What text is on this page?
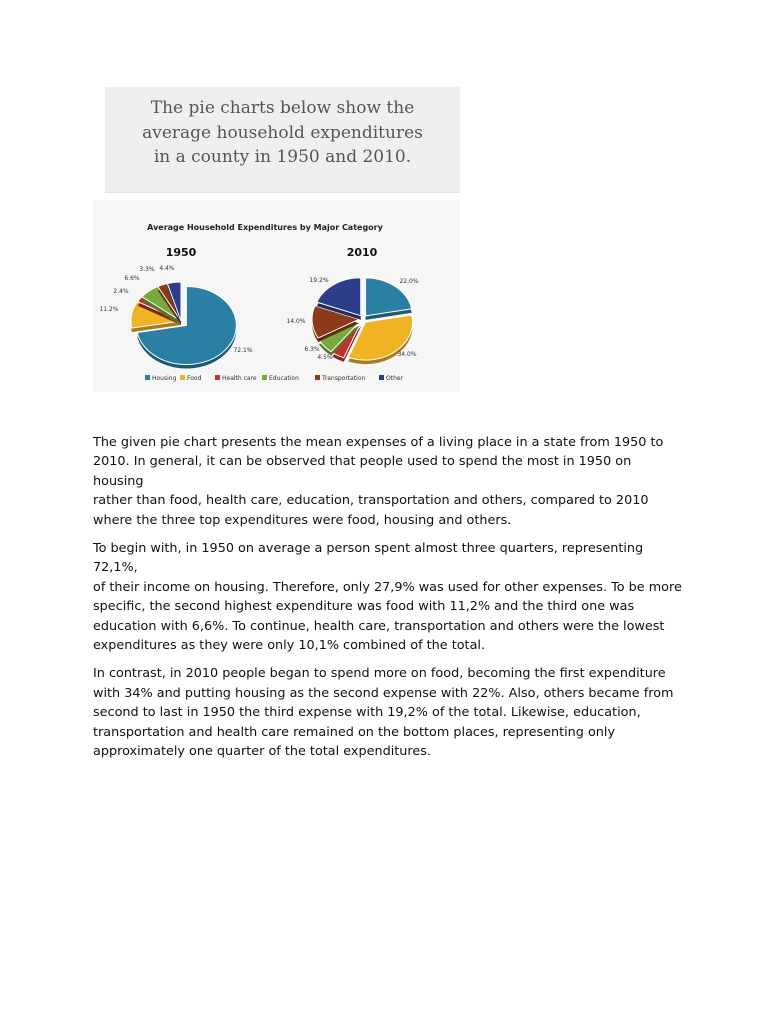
The pie charts below show the
average household expenditures
in a county in 1950 and 2010.
Average Household Expenditures by Major Category
1950	2010
72.1%
11.2%
2.4%
6.6%
3.3% 4.4%
22.0%
34.0%
4.5%
6.3%
14.0%
19.2%
Housing Food	Health care Education	Transportation	Other

The given pie chart presents the mean expenses of a living place in a state from 1950 to
2010. In general, it can be observed that people used to spend the most in 1950 on housing
rather than food, health care, education, transportation and others, compared to 2010
where the three top expenditures were food, housing and others.

To begin with, in 1950 on average a person spent almost three quarters, representing 72,1%,
of their income on housing. Therefore, only 27,9% was used for other expenses. To be more
specific, the second highest expenditure was food with 11,2% and the third one was
education with 6,6%. To continue, health care, transportation and others were the lowest
expenditures as they were only 10,1% combined of the total.

In contrast, in 2010 people began to spend more on food, becoming the first expenditure
with 34% and putting housing as the second expense with 22%. Also, others became from
second to last in 1950 the third expense with 19,2% of the total. Likewise, education,
transportation and health care remained on the bottom places, representing only
approximately one quarter of the total expenditures.
